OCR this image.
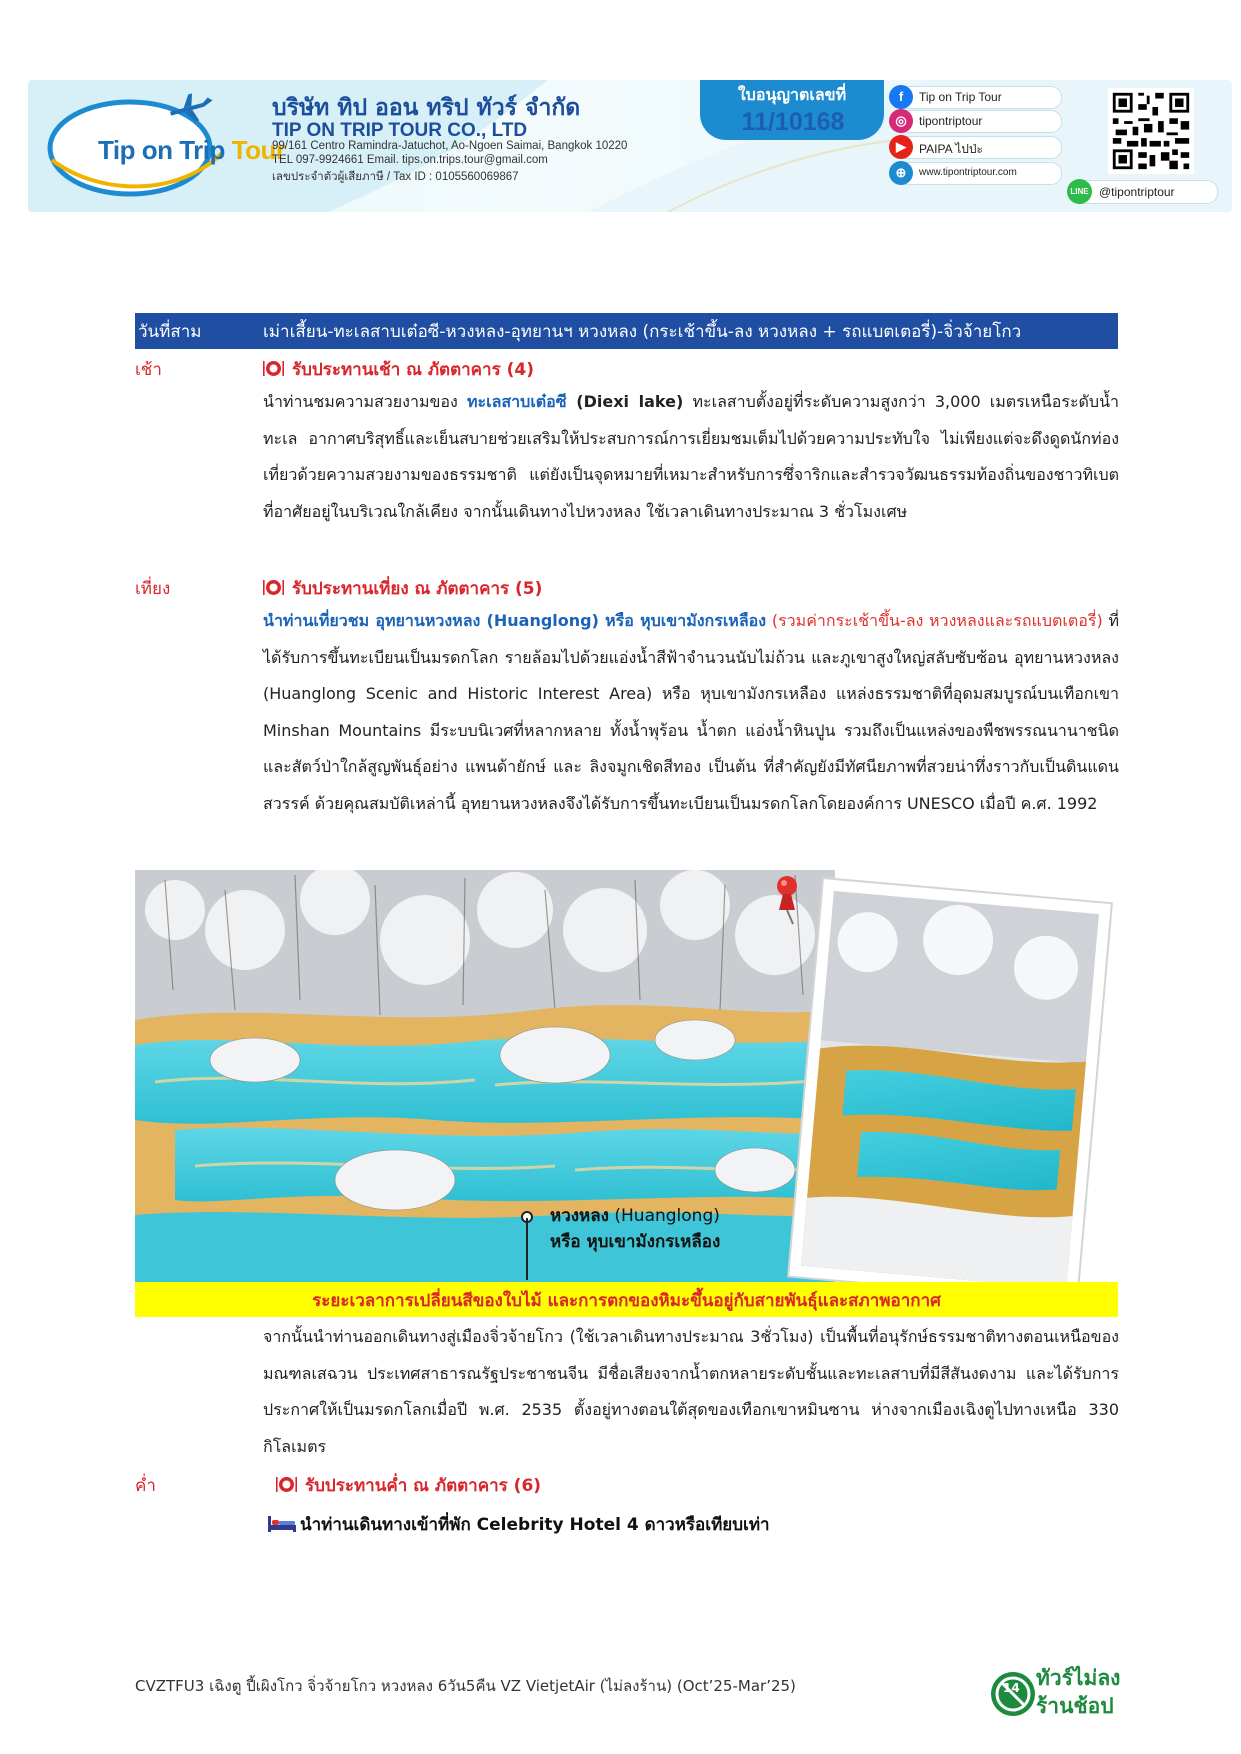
Tip on Trip Tour
บริษัท ทิป ออน ทริป ทัวร์ จำกัด
TIP ON TRIP TOUR CO., LTD
99/161 Centro Ramindra-Jatuchot, Ao-Ngoen Saimai, Bangkok 10220
TEL 097-9924661 Email. tips.on.trips.tour@gmail.com
เลขประจำตัวผู้เสียภาษี / Tax ID : 0105560069867
ใบอนุญาตเลขที่
11/10168
f	Tip on Trip Tour
◎	tipontriptour
▶	PAIPA ไปป่ะ
⊕	www.tipontriptour.com
LINE @tipontriptour
วันที่สาม	เม่าเสี้ยน-ทะเลสาบเต๋อซี-หวงหลง-อุทยานฯ หวงหลง (กระเช้าขึ้น-ลง หวงหลง + รถแบตเตอรี่)-จิ่วจ้ายโกว
เช้า	รับประทานเช้า ณ ภัตตาคาร (4)
นำท่านชมความสวยงามของ ทะเลสาบเต๋อซี (Diexi lake) ทะเลสาบตั้งอยู่ที่ระดับความสูงกว่า 3,000 เมตรเหนือระดับน้ำทะเล อากาศบริสุทธิ์และเย็นสบายช่วยเสริมให้ประสบการณ์การเยี่ยมชมเต็มไปด้วยความประทับใจ ไม่เพียงแต่จะดึงดูดนักท่องเที่ยวด้วยความสวยงามของธรรมชาติ แต่ยังเป็นจุดหมายที่เหมาะสำหรับการซึ่จาริกและสำรวจวัฒนธรรมท้องถิ่นของชาวทิเบตที่อาศัยอยู่ในบริเวณใกล้เคียง จากนั้นเดินทางไปหวงหลง ใช้เวลาเดินทางประมาณ 3 ชั่วโมงเศษ
เที่ยง	รับประทานเที่ยง ณ ภัตตาคาร (5)
นำท่านเที่ยวชม อุทยานหวงหลง (Huanglong) หรือ หุบเขามังกรเหลือง (รวมค่ากระเช้าขึ้น-ลง หวงหลงและรถแบตเตอรี่) ที่ได้รับการขึ้นทะเบียนเป็นมรดกโลก รายล้อมไปด้วยแอ่งน้ำสีฟ้าจำนวนนับไม่ถ้วน และภูเขาสูงใหญ่สลับซับซ้อน อุทยานหวงหลง (Huanglong Scenic and Historic Interest Area) หรือ หุบเขามังกรเหลือง แหล่งธรรมชาติที่อุดมสมบูรณ์บนเทือกเขา Minshan Mountains มีระบบนิเวศที่หลากหลาย ทั้งน้ำพุร้อน น้ำตก แอ่งน้ำหินปูน รวมถึงเป็นแหล่งของพืชพรรณนานาชนิด และสัตว์ป่าใกล้สูญพันธุ์อย่าง แพนด้ายักษ์ และ ลิงจมูกเชิดสีทอง เป็นต้น ที่สำคัญยังมีทัศนียภาพที่สวยน่าทึ่งราวกับเป็นดินแดนสวรรค์ ด้วยคุณสมบัติเหล่านี้ อุทยานหวงหลงจึงได้รับการขึ้นทะเบียนเป็นมรดกโลกโดยองค์การ UNESCO เมื่อปี ค.ศ. 1992
หวงหลง (Huanglong)
หรือ หุบเขามังกรเหลือง
ระยะเวลาการเปลี่ยนสีของใบไม้ และการตกของหิมะขึ้นอยู่กับสายพันธุ์และสภาพอากาศ
จากนั้นนำท่านออกเดินทางสู่เมืองจิ่วจ้ายโกว (ใช้เวลาเดินทางประมาณ 3ชั่วโมง) เป็นพื้นที่อนุรักษ์ธรรมชาติทางตอนเหนือของมณฑลเสฉวน ประเทศสาธารณรัฐประชาชนจีน มีชื่อเสียงจากน้ำตกหลายระดับชั้นและทะเลสาบที่มีสีสันงดงาม และได้รับการประกาศให้เป็นมรดกโลกเมื่อปี พ.ศ. 2535 ตั้งอยู่ทางตอนใต้สุดของเทือกเขาหมินซาน ห่างจากเมืองเฉิงตูไปทางเหนือ 330 กิโลเมตร
ค่ำ	รับประทานค่ำ ณ ภัตตาคาร (6)
นำท่านเดินทางเข้าที่พัก Celebrity Hotel 4 ดาวหรือเทียบเท่า
CVZTFU3 เฉิงตู ปี้เผิงโกว จิ่วจ้ายโกว หวงหลง 6วัน5คืน VZ VietjetAir (ไม่ลงร้าน) (Oct’25-Mar’25)	14 ทัวร์ไม่ลง
ร้านช้อป
